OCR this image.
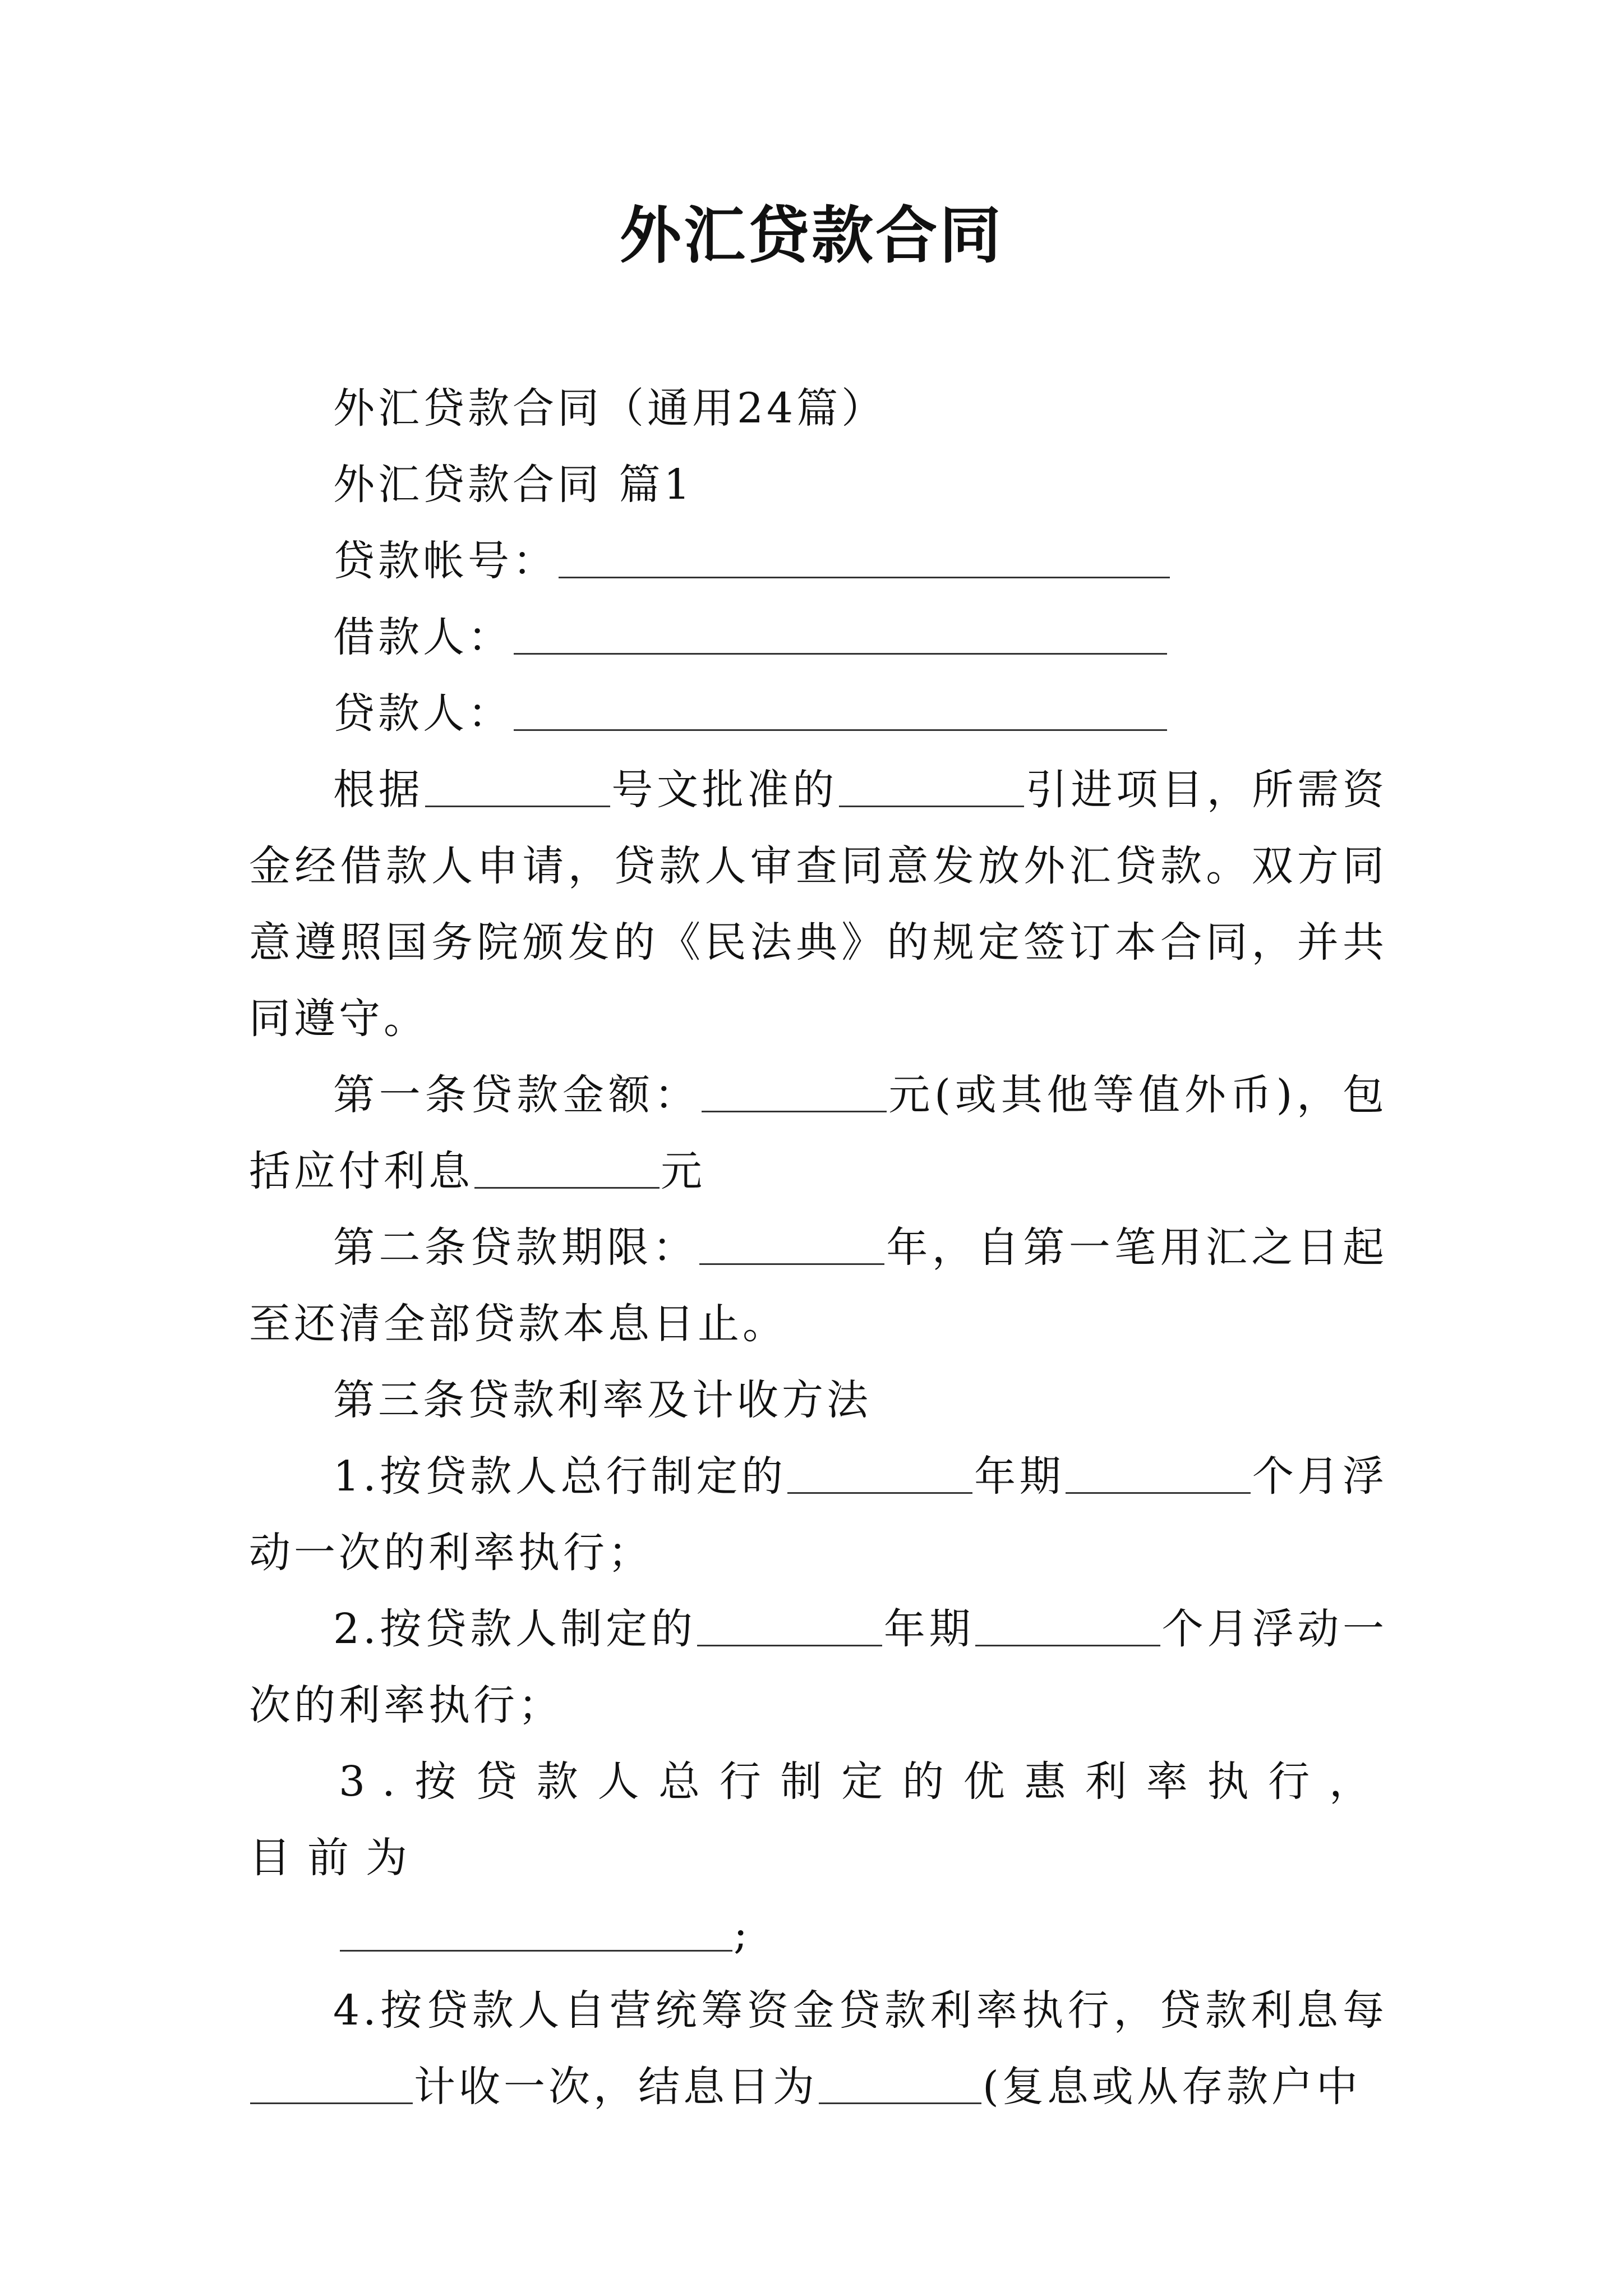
外汇贷款合同

外汇贷款合同（通用24篇）

外汇贷款合同 篇1

贷款帐号：

借款人：

贷款人：

根据	号文批准的	引进项目，所需资金经借款人申请，贷款人审查同意发放外汇贷款。双方同意遵照国务院颁发的《民法典》的规定签订本合同，并共同遵守。

第一条贷款金额：	元(或其他等值外币)，包括应付利息	元

第二条贷款期限：	年，自第一笔用汇之日起至还清全部贷款本息日止。

第三条贷款利率及计收方法

1.按贷款人总行制定的	年期	个月浮动一次的利率执行；

2.按贷款人制定的	年期	个月浮动一次的利率执行；

3.按贷款人总行制定的优惠利率执行，目前为
;

4.按贷款人自营统筹资金贷款利率执行，贷款利息每计收一次，结息日为	(复息或从存款户中
